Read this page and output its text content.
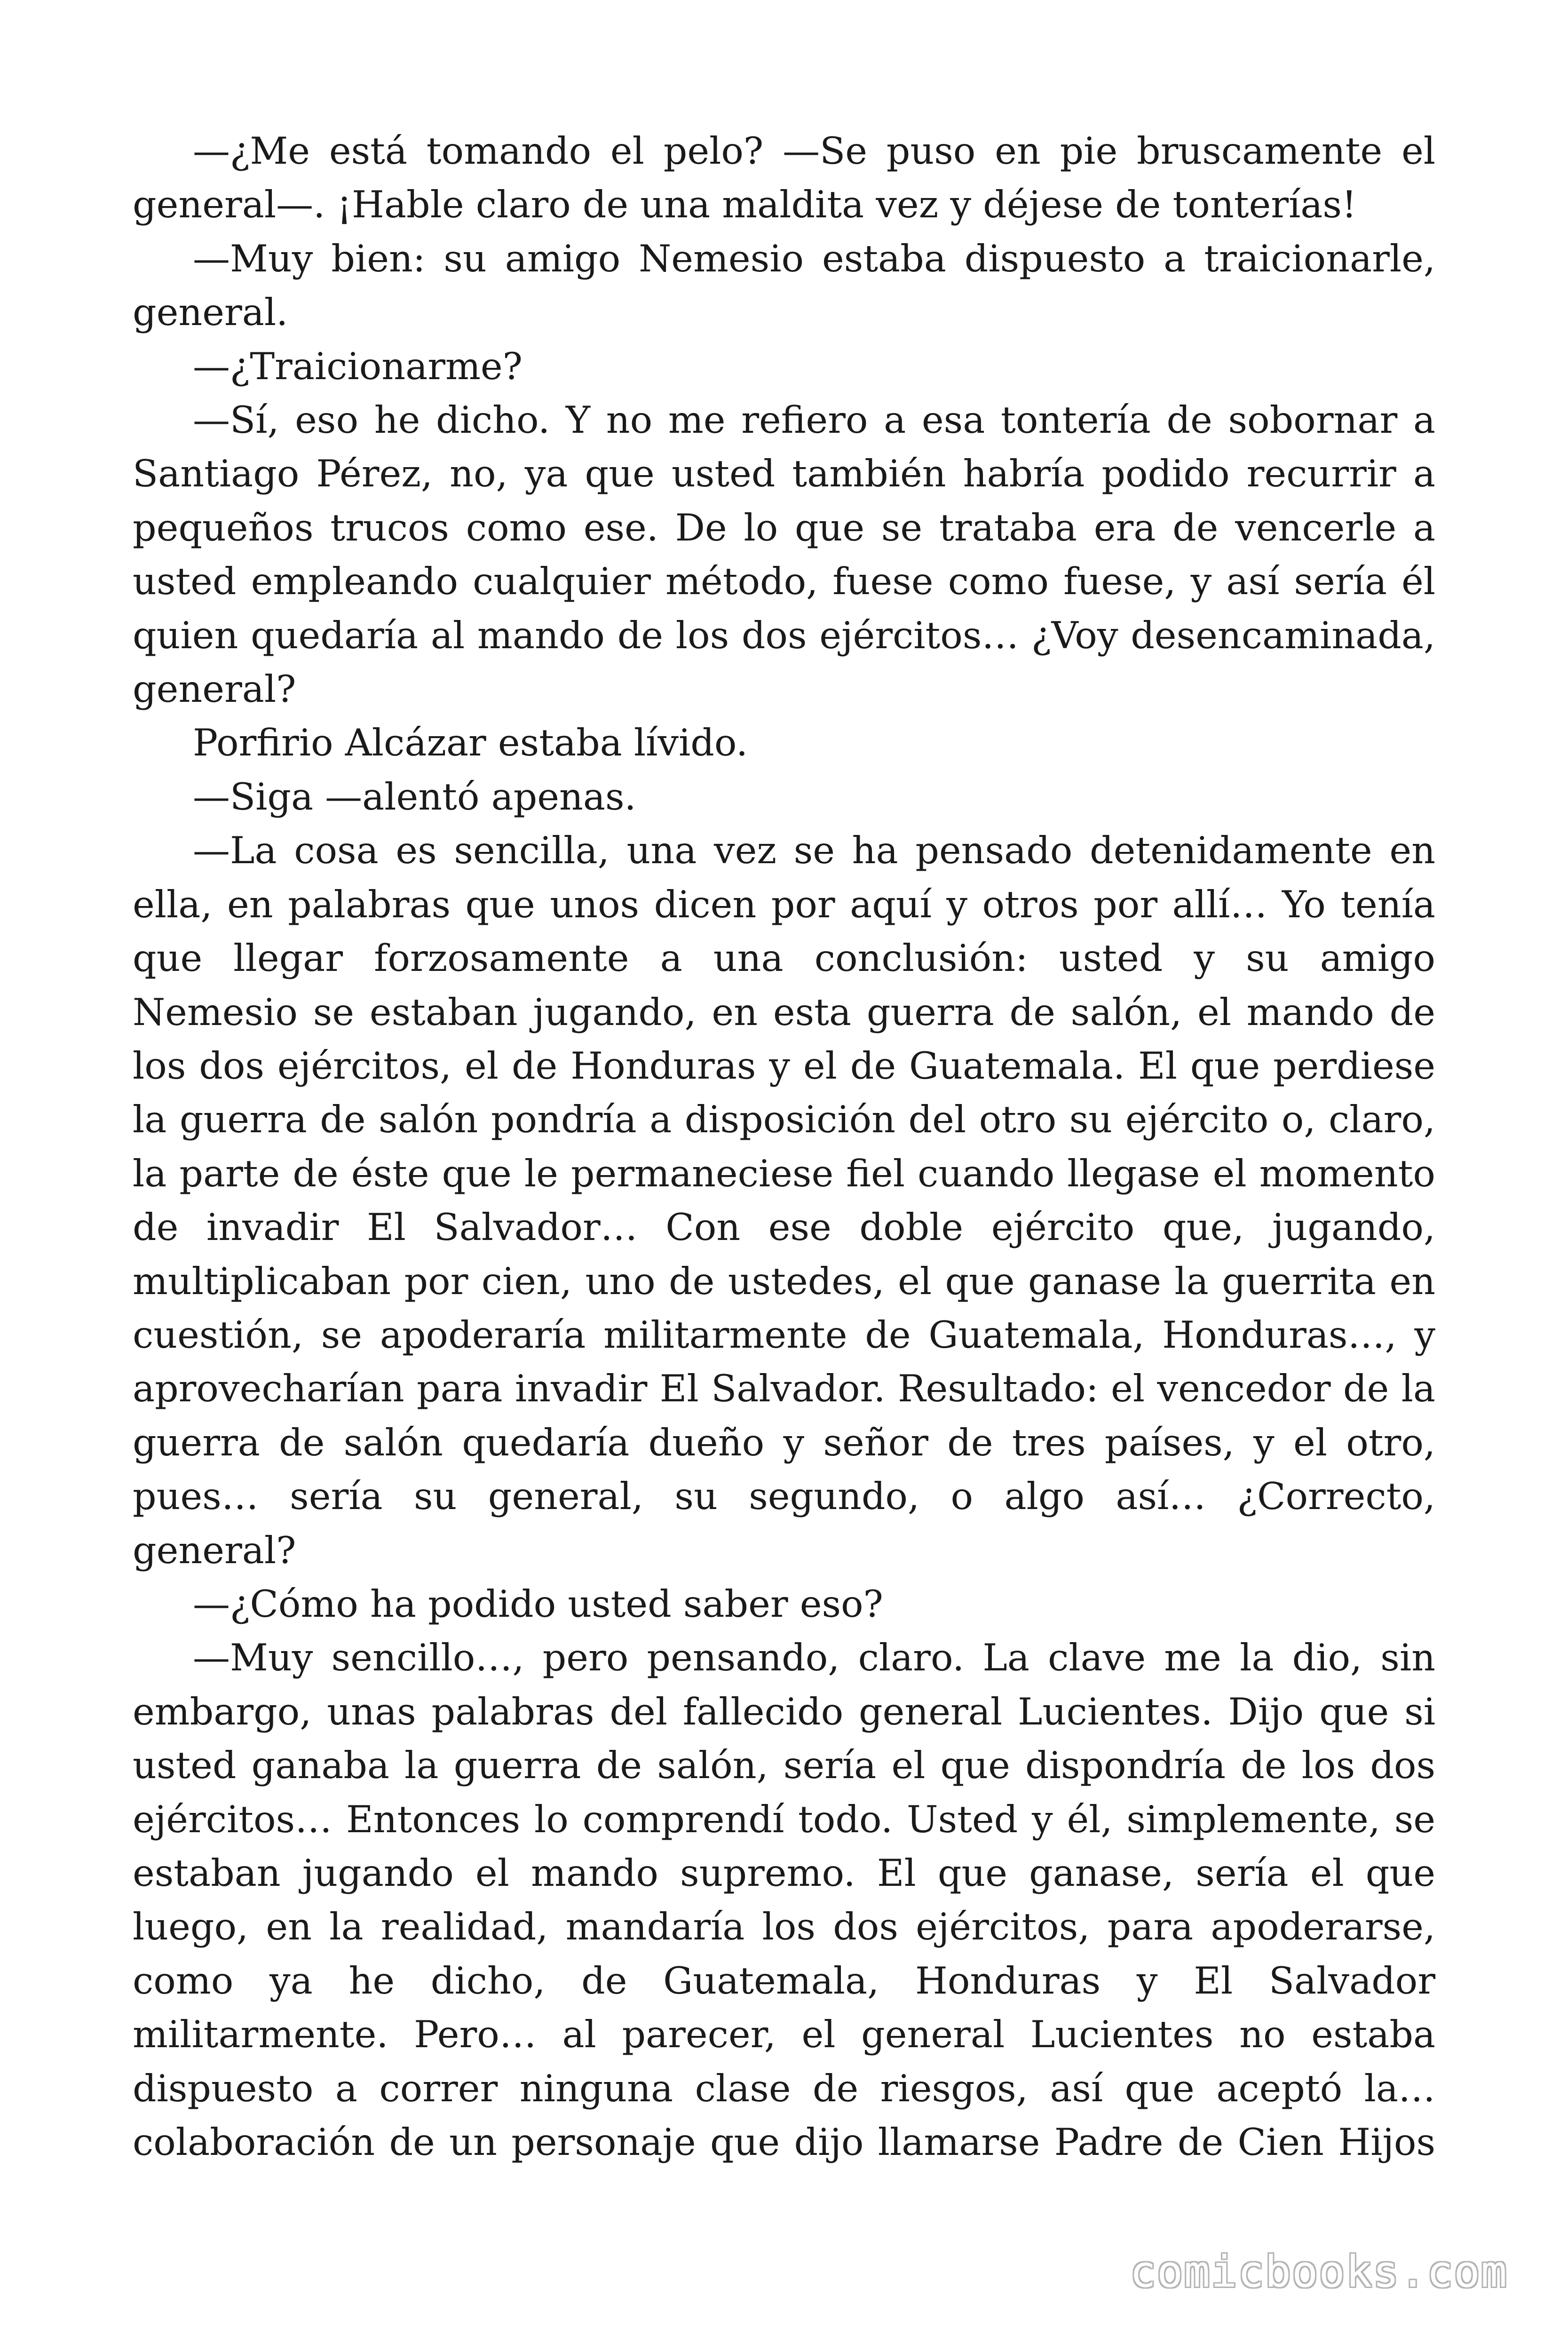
—¿Me está tomando el pelo? —Se puso en pie bruscamente el general—. ¡Hable claro de una maldita vez y déjese de tonterías!

—Muy bien: su amigo Nemesio estaba dispuesto a traicionarle, general.

—¿Traicionarme?

—Sí, eso he dicho. Y no me refiero a esa tontería de sobornar a Santiago Pérez, no, ya que usted también habría podido recurrir a pequeños trucos como ese. De lo que se trataba era de vencerle a usted empleando cualquier método, fuese como fuese, y así sería él quien quedaría al mando de los dos ejércitos… ¿Voy desencaminada, general?

Porfirio Alcázar estaba lívido.

—Siga —alentó apenas.

—La cosa es sencilla, una vez se ha pensado detenidamente en ella, en palabras que unos dicen por aquí y otros por allí… Yo tenía que llegar forzosamente a una conclusión: usted y su amigo Nemesio se estaban jugando, en esta guerra de salón, el mando de los dos ejércitos, el de Honduras y el de Guatemala. El que perdiese la guerra de salón pondría a disposición del otro su ejército o, claro, la parte de éste que le permaneciese fiel cuando llegase el momento de invadir El Salvador… Con ese doble ejército que, jugando, multiplicaban por cien, uno de ustedes, el que ganase la guerrita en cuestión, se apoderaría militarmente de Guatemala, Honduras…, y aprovecharían para invadir El Salvador. Resultado: el vencedor de la guerra de salón quedaría dueño y señor de tres países, y el otro, pues… sería su general, su segundo, o algo así… ¿Correcto, general?

—¿Cómo ha podido usted saber eso?

—Muy sencillo…, pero pensando, claro. La clave me la dio, sin embargo, unas palabras del fallecido general Lucientes. Dijo que si usted ganaba la guerra de salón, sería el que dispondría de los dos ejércitos… Entonces lo comprendí todo. Usted y él, simplemente, se estaban jugando el mando supremo. El que ganase, sería el que luego, en la realidad, mandaría los dos ejércitos, para apoderarse, como ya he dicho, de Guatemala, Honduras y El Salvador militarmente. Pero… al parecer, el general Lucientes no estaba dispuesto a correr ninguna clase de riesgos, así que aceptó la… colaboración de un personaje que dijo llamarse Padre de Cien Hijos

comicbooks.com
